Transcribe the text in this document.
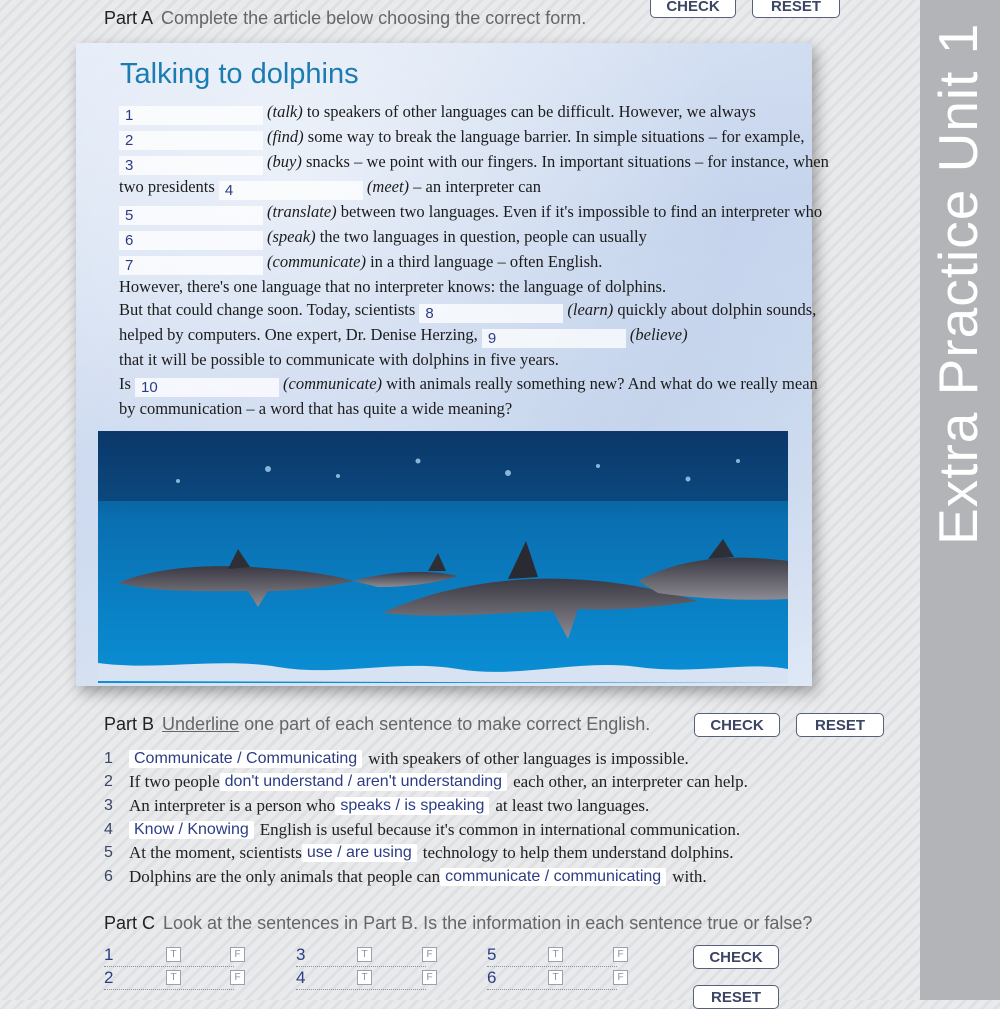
Extra Practice Unit 1
Part A Complete the article below choosing the correct form.
CHECK	RESET
Talking to dolphins
1	(talk) to speakers of other languages can be difficult. However, we always
2	(find) some way to break the language barrier. In simple situations – for example, 3	(buy) snacks – we point with our fingers. In important situations – for instance, when two presidents 4	(meet) – an interpreter can
5	(translate) between two languages. Even if it's impossible to find an interpreter who 6	(speak) the two languages in question, people can usually
7	(communicate) in a third language – often English.
However, there's one language that no interpreter knows: the language of dolphins.
But that could change soon. Today, scientists 8	(learn) quickly about dolphin sounds, helped by computers. One expert, Dr. Denise Herzing, 9	(believe)
that it will be possible to communicate with dolphins in five years.
Is 10	(communicate) with animals really something new? And what do we really mean by communication – a word that has quite a wide meaning?
Part B Underline one part of each sentence to make correct English.	CHECK	RESET
1	Communicate / Communicating with speakers of other languages is impossible.
2 If two people don't understand / aren't understanding each other, an interpreter can help.
3 An interpreter is a person who speaks / is speaking at least two languages.
4	Know / Knowing English is useful because it's common in international communication.
5 At the moment, scientists use / are using technology to help them understand dolphins.
6 Dolphins are the only animals that people can communicate / communicating with.
Part C Look at the sentences in Part B. Is the information in each sentence true or false?
1	T	F
2	T	F
3	T	F
4	T	F
5	T	F
6	T	F
CHECK
RESET
